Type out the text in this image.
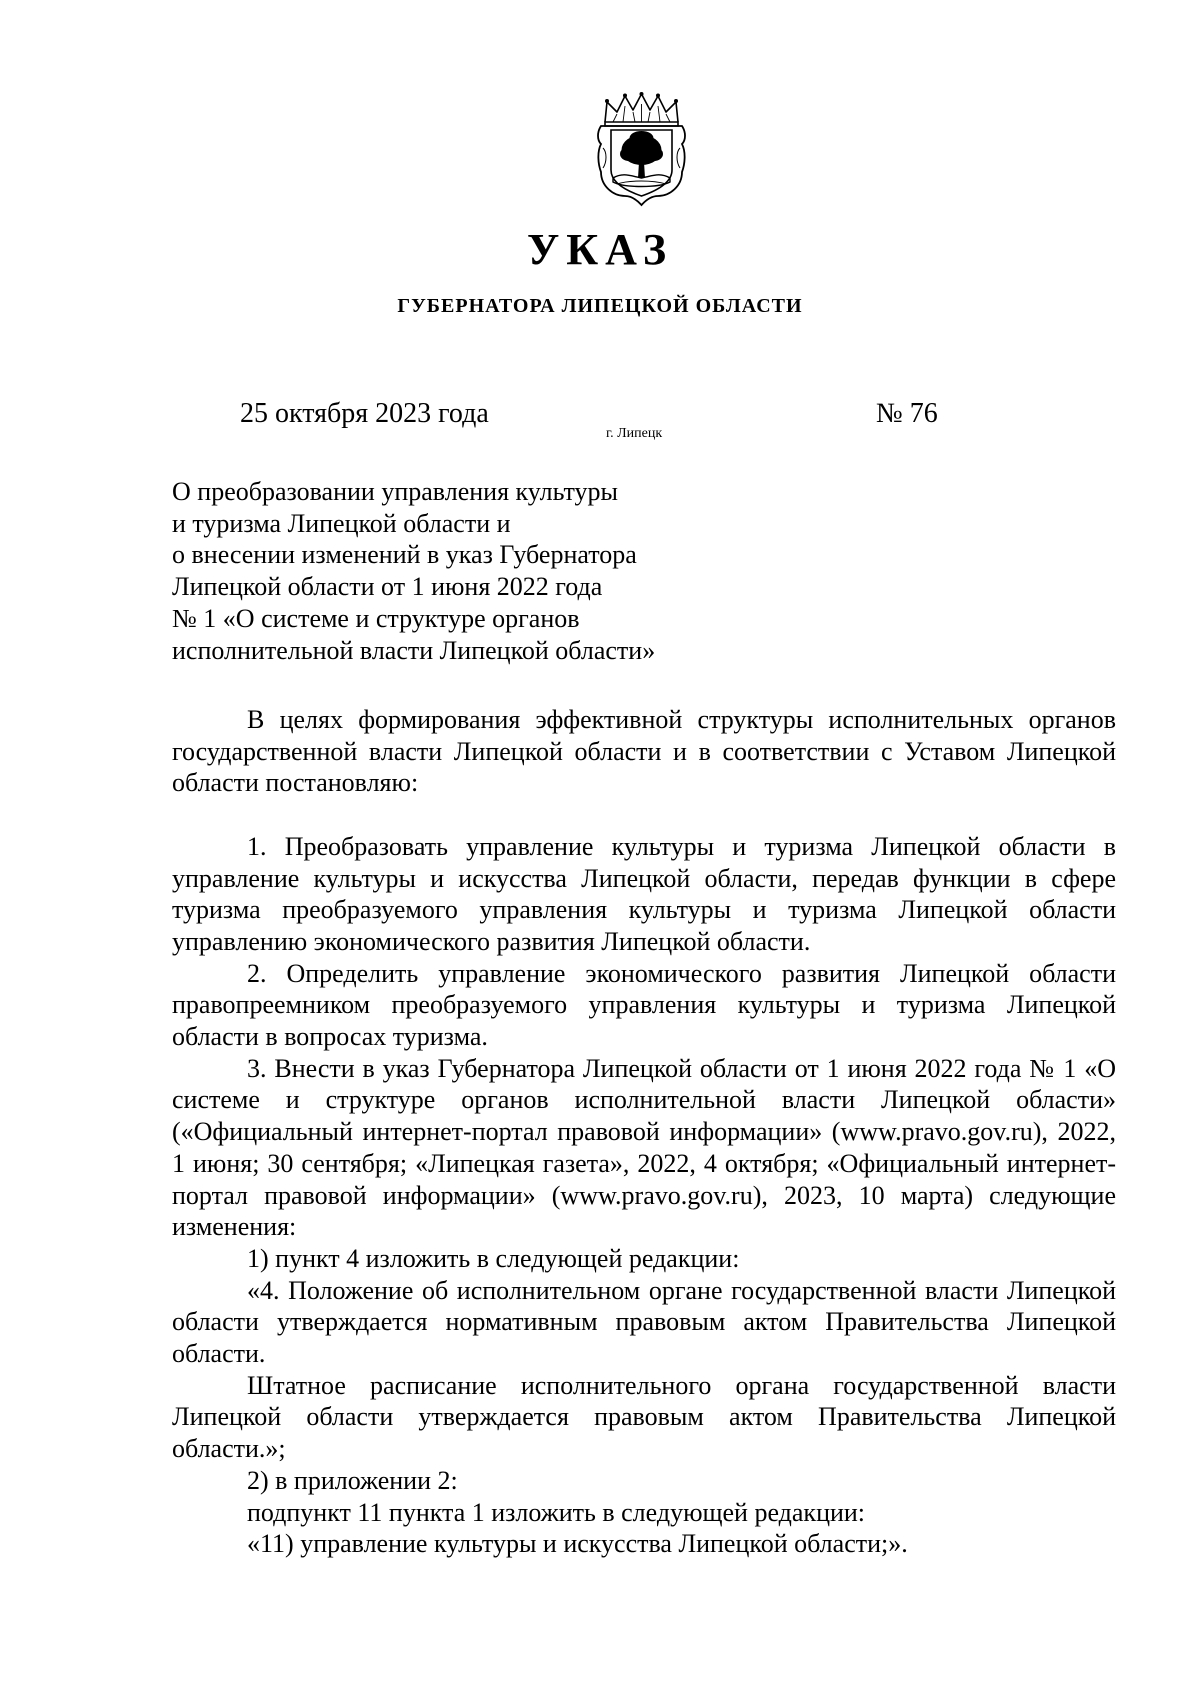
УКАЗ
ГУБЕРНАТОРА ЛИПЕЦКОЙ ОБЛАСТИ
25 октября 2023 года
г. Липецк
№ 76
О преобразовании управления культуры
и туризма Липецкой области и
о внесении изменений в указ Губернатора
Липецкой области от 1 июня 2022 года
№ 1 «О системе и структуре органов
исполнительной власти Липецкой области»

В целях формирования эффективной структуры исполнительных органов государственной власти Липецкой области и в соответствии с Уставом Липецкой области постановляю:

1. Преобразовать управление культуры и туризма Липецкой области в управление культуры и искусства Липецкой области, передав функции в сфере туризма преобразуемого управления культуры и туризма Липецкой области управлению экономического развития Липецкой области.

2. Определить управление экономического развития Липецкой области правопреемником преобразуемого управления культуры и туризма Липецкой области в вопросах туризма.

3. Внести в указ Губернатора Липецкой области от 1 июня 2022 года № 1 «О системе и структуре органов исполнительной власти Липецкой области» («Официальный интернет-портал правовой информации» (www.pravo.gov.ru), 2022, 1 июня; 30 сентября; «Липецкая газета», 2022, 4 октября; «Официальный интернет-портал правовой информации» (www.pravo.gov.ru), 2023, 10 марта) следующие изменения:

1) пункт 4 изложить в следующей редакции:

«4. Положение об исполнительном органе государственной власти Липецкой области утверждается нормативным правовым актом Правительства Липецкой области.

Штатное расписание исполнительного органа государственной власти Липецкой области утверждается правовым актом Правительства Липецкой области.»;

2) в приложении 2:

подпункт 11 пункта 1 изложить в следующей редакции:

«11) управление культуры и искусства Липецкой области;».
